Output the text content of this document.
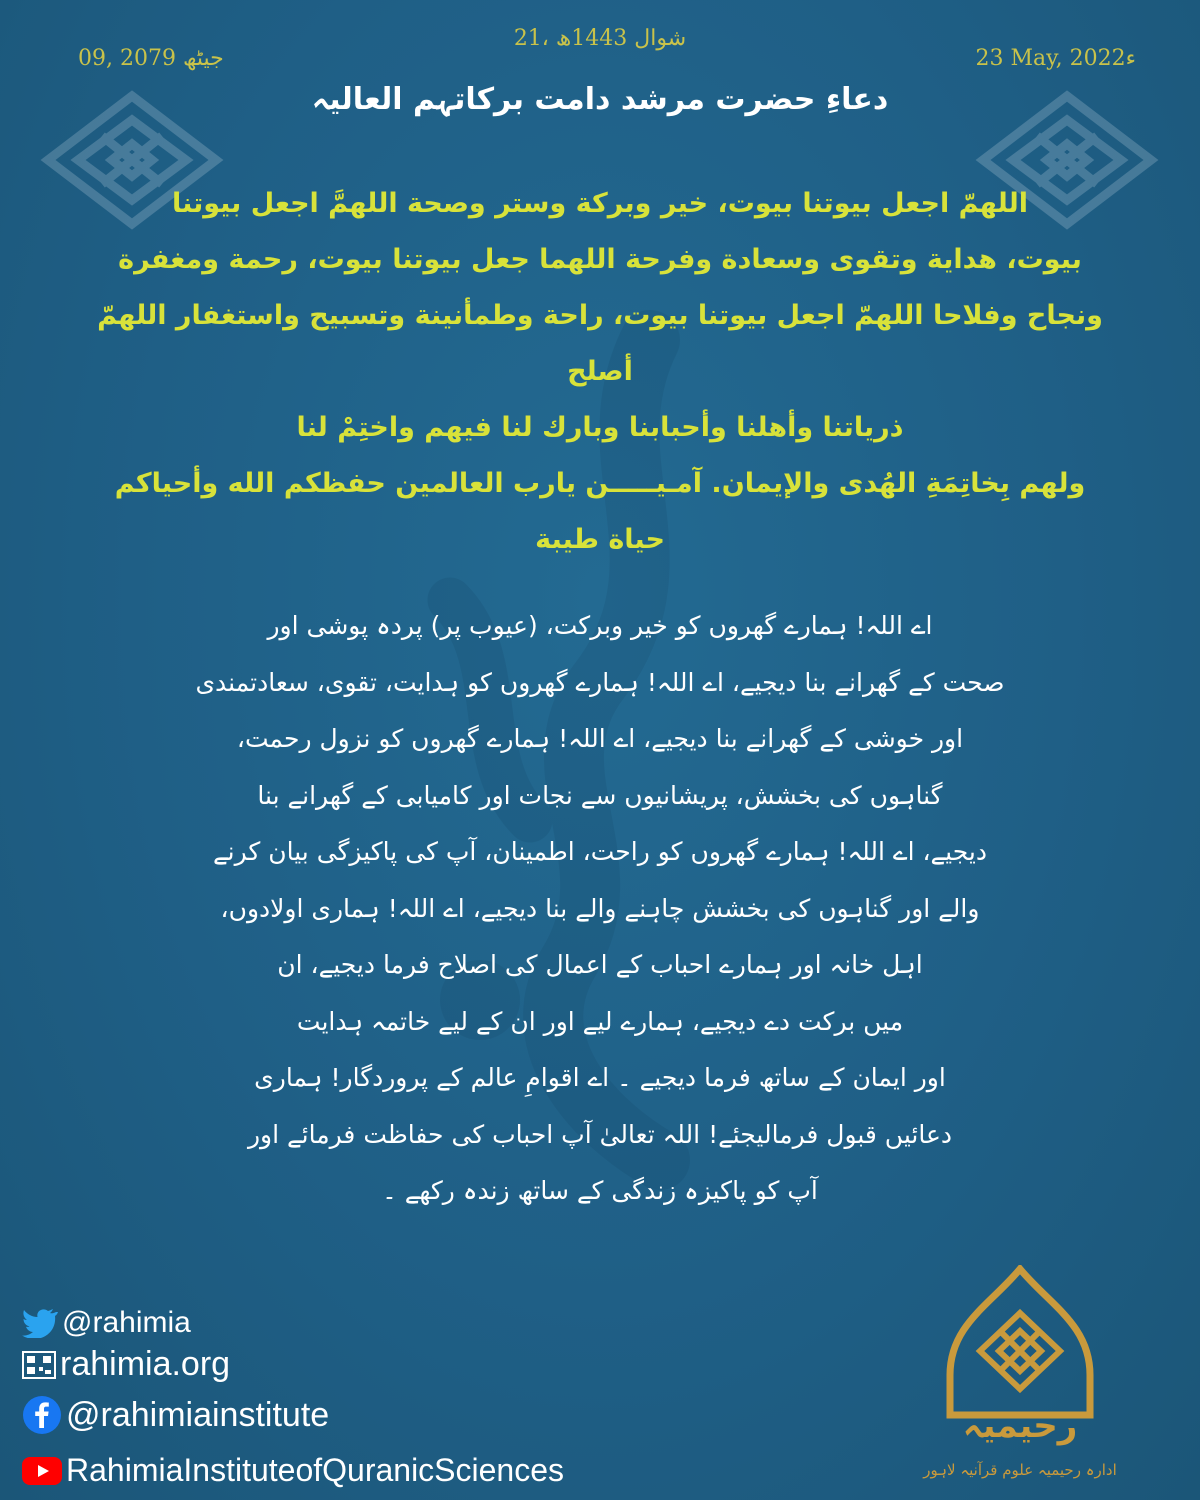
21، شوال 1443ھ
09, جیٹھ 2079	23 May, 2022ء
دعاءِ حضرت مرشد دامت برکاتہم العالیہ
اللهمّ اجعل بيوتنا بيوت، خير وبركة وستر وصحة اللهمَّ اجعل بيوتنا
بيوت، هداية وتقوى وسعادة وفرحة اللهما جعل بيوتنا بيوت، رحمة ومغفرة
ونجاح وفلاحا اللهمّ اجعل بيوتنا بيوت، راحة وطمأنينة وتسبيح واستغفار اللهمّ أصلح
ذرياتنا وأهلنا وأحبابنا وبارك لنا فيهم واختِمْ لنا
ولهم بِخاتِمَةِ الهُدى والإيمان. آمـيـــــن يارب العالمين حفظكم الله وأحياكم
حياة طيبة
اے اللہ! ہمارے گھروں کو خیر وبرکت، (عیوب پر) پردہ پوشی اور
صحت کے گھرانے بنا دیجیے، اے اللہ! ہمارے گھروں کو ہدایت، تقوی، سعادتمندی
اور خوشی کے گھرانے بنا دیجیے، اے اللہ! ہمارے گھروں کو نزول رحمت،
گناہوں کی بخشش، پریشانیوں سے نجات اور کامیابی کے گھرانے بنا
دیجیے، اے اللہ! ہمارے گھروں کو راحت، اطمینان، آپ کی پاکیزگی بیان کرنے
والے اور گناہوں کی بخشش چاہنے والے بنا دیجیے، اے اللہ! ہماری اولادوں،
اہل خانہ اور ہمارے احباب کے اعمال کی اصلاح فرما دیجیے، ان
میں برکت دے دیجیے، ہمارے لیے اور ان کے لیے خاتمہ ہدایت
اور ایمان کے ساتھ فرما دیجیے ۔ اے اقوامِ عالم کے پروردگار! ہماری
دعائیں قبول فرمالیجئے! اللہ تعالیٰ آپ احباب کی حفاظت فرمائے اور
آپ کو پاکیزہ زندگی کے ساتھ زندہ رکھے ۔
@rahimia
rahimia.org
@rahimiainstitute
RahimiaInstituteofQuranicSciences
رحیمیہ
ادارہ رحیمیہ علوم قرآنیہ لاہور
